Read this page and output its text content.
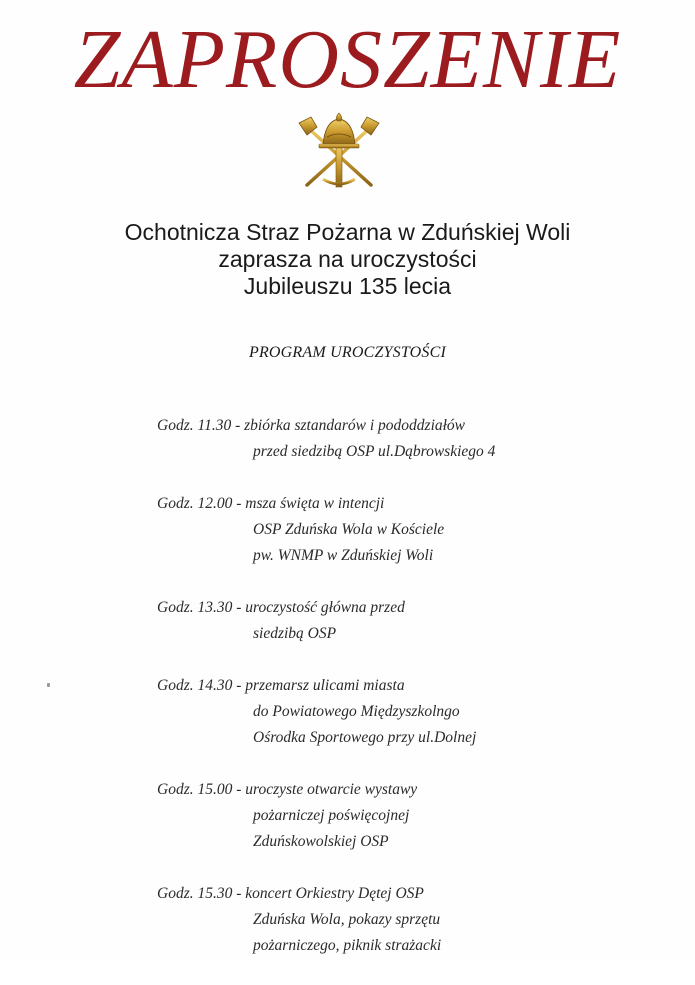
ZAPROSZENIE
Ochotnicza Straz Pożarna w Zduńskiej Woli
zaprasza na uroczystości
Jubileuszu 135 lecia
PROGRAM UROCZYSTOŚCI
Godz. 11.30 - zbiórka sztandarów i pododdziałów
przed siedzibą OSP ul.Dąbrowskiego 4
Godz. 12.00 - msza święta w intencji
OSP Zduńska Wola w Kościele
pw. WNMP w Zduńskiej Woli
Godz. 13.30 - uroczystość główna przed
siedzibą OSP
Godz. 14.30 - przemarsz ulicami miasta
do Powiatowego Międzyszkolngo
Ośrodka Sportowego przy ul.Dolnej
Godz. 15.00 - uroczyste otwarcie wystawy
pożarniczej poświęcojnej
Zduńskowolskiej OSP
Godz. 15.30 - koncert Orkiestry Dętej OSP
Zduńska Wola, pokazy sprzętu
pożarniczego, piknik strażacki
